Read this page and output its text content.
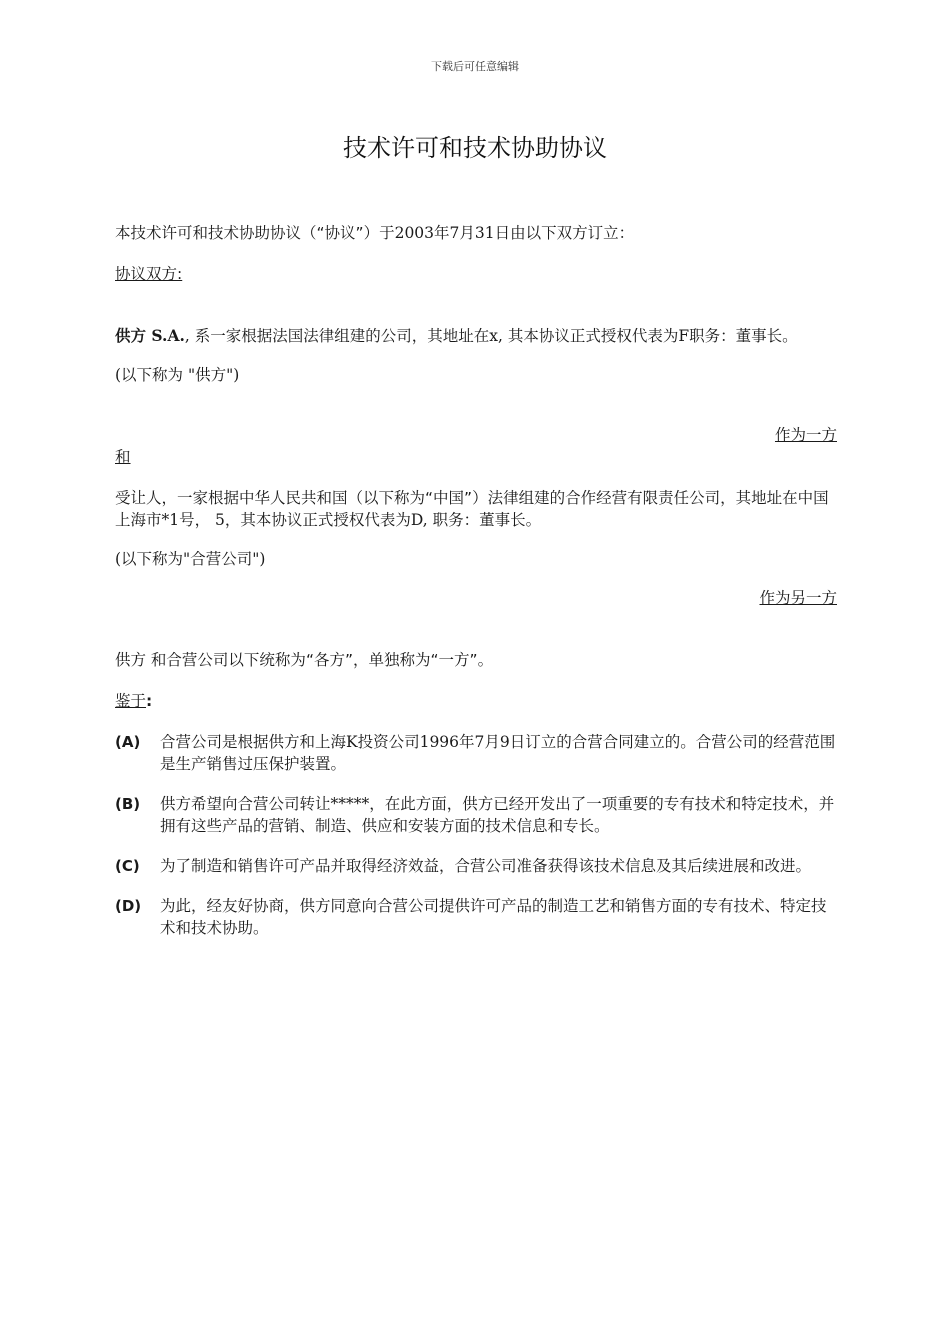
下载后可任意编辑
技术许可和技术协助协议

本技术许可和技术协助协议（“协议”）于2003年7月31日由以下双方订立：

协议双方:

供方 S.A., 系一家根据法国法律组建的公司，其地址在x, 其本协议正式授权代表为F职务：董事长。

(以下称为 "供方")

作为一方

和

受让人，一家根据中华人民共和国（以下称为“中国”）法律组建的合作经营有限责任公司，其地址在中国上海市*1号， 5，其本协议正式授权代表为D, 职务：董事长。

(以下称为"合营公司")

作为另一方

供方 和合营公司以下统称为“各方”，单独称为“一方”。

鉴于:

(A) 合营公司是根据供方和上海K投资公司1996年7月9日订立的合营合同建立的。合营公司的经营范围是生产销售过压保护装置。

(B) 供方希望向合营公司转让*****，在此方面，供方已经开发出了一项重要的专有技术和特定技术，并拥有这些产品的营销、制造、供应和安装方面的技术信息和专长。

(C) 为了制造和销售许可产品并取得经济效益，合营公司准备获得该技术信息及其后续进展和改进。

(D) 为此，经友好协商，供方同意向合营公司提供许可产品的制造工艺和销售方面的专有技术、特定技术和技术协助。
